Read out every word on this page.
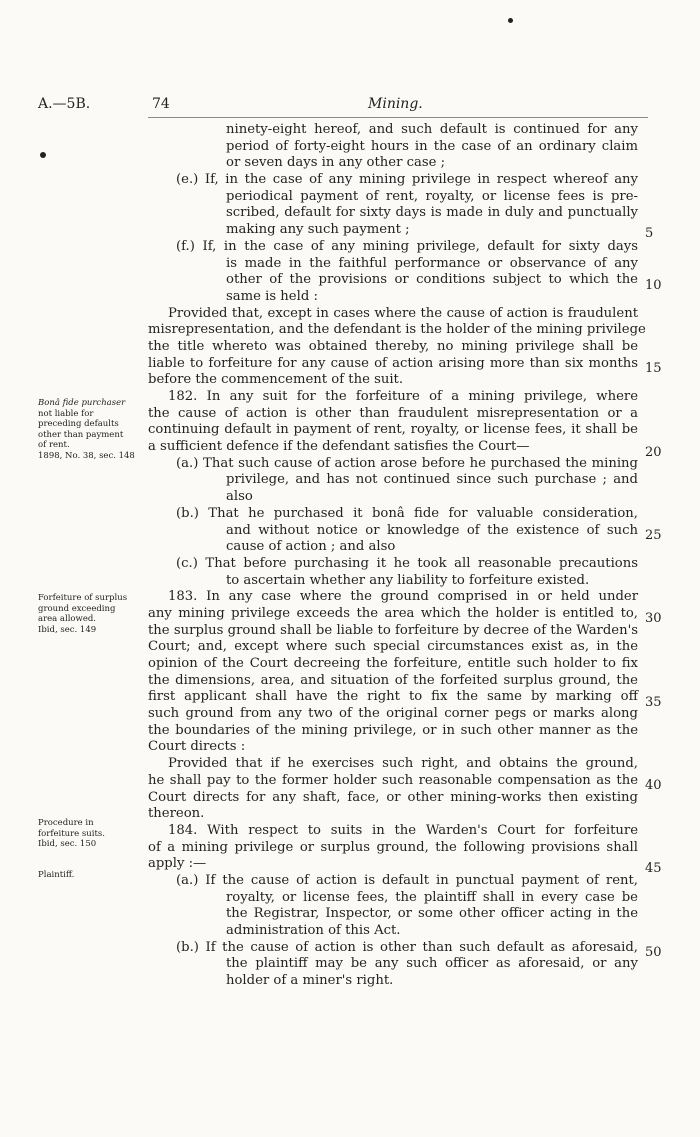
A.—5B.	74	Mining.
ninety-eight hereof, and such default is continued for any
period of forty-eight hours in the case of an ordinary claim
or seven days in any other case ;
(e.) If, in the case of any mining privilege in respect whereof any
periodical payment of rent, royalty, or license fees is pre-
scribed, default for sixty days is made in duly and punctually
making any such payment ;
(f.) If, in the case of any mining privilege, default for sixty days
is made in the faithful performance or observance of any
other of the provisions or conditions subject to which the
same is held :
Provided that, except in cases where the cause of action is fraudulent
misrepresentation, and the defendant is the holder of the mining privilege
the title whereto was obtained thereby, no mining privilege shall be
liable to forfeiture for any cause of action arising more than six months
before the commencement of the suit.
182. In any suit for the forfeiture of a mining privilege, where
the cause of action is other than fraudulent misrepresentation or a
continuing default in payment of rent, royalty, or license fees, it shall be
a sufficient defence if the defendant satisfies the Court—
(a.) That such cause of action arose before he purchased the mining
privilege, and has not continued since such purchase ; and
also
(b.) That he purchased it bonâ fide for valuable consideration,
and without notice or knowledge of the existence of such
cause of action ; and also
(c.) That before purchasing it he took all reasonable precautions
to ascertain whether any liability to forfeiture existed.
183. In any case where the ground comprised in or held under
any mining privilege exceeds the area which the holder is entitled to,
the surplus ground shall be liable to forfeiture by decree of the Warden's
Court; and, except where such special circumstances exist as, in the
opinion of the Court decreeing the forfeiture, entitle such holder to fix
the dimensions, area, and situation of the forfeited surplus ground, the
first applicant shall have the right to fix the same by marking off
such ground from any two of the original corner pegs or marks along
the boundaries of the mining privilege, or in such other manner as the
Court directs :
Provided that if he exercises such right, and obtains the ground,
he shall pay to the former holder such reasonable compensation as the
Court directs for any shaft, face, or other mining-works then existing
thereon.
184. With respect to suits in the Warden's Court for forfeiture
of a mining privilege or surplus ground, the following provisions shall
apply :—
(a.) If the cause of action is default in punctual payment of rent,
royalty, or license fees, the plaintiff shall in every case be
the Registrar, Inspector, or some other officer acting in the
administration of this Act.
(b.) If the cause of action is other than such default as aforesaid,
the plaintiff may be any such officer as aforesaid, or any
holder of a miner's right.
Bonâ fide purchaser
not liable for
preceding defaults
other than payment
of rent.
1898, No. 38, sec. 148
Forfeiture of surplus
ground exceeding
area allowed.
Ibid, sec. 149
Procedure in
forfeiture suits.
Ibid, sec. 150
Plaintiff.
5
10
15
20
25
30
35
40
45
50
